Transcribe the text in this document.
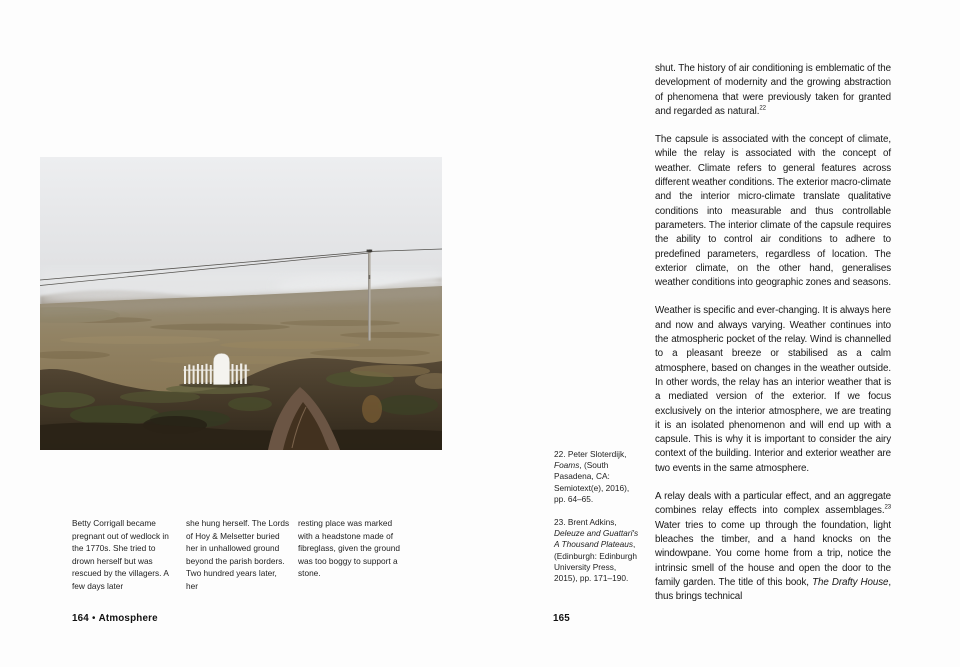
Betty Corrigall became pregnant out of wedlock in the 1770s. She tried to drown herself but was rescued by the villagers. A few days later
she hung herself. The Lords of Hoy & Melsetter buried her in unhallowed ground beyond the parish borders. Two hundred years later, her
resting place was marked with a headstone made of fibreglass, given the ground was too boggy to support a stone.
164 • Atmosphere

22. Peter Sloterdijk, Foams, (South Pasadena, CA: Semiotext(e), 2016), pp. 64–65.

23. Brent Adkins, Deleuze and Guattari's A Thousand Plateaus, (Edinburgh: Edinburgh University Press, 2015), pp. 171–190.

shut. The history of air conditioning is emblematic of the development of modernity and the growing abstraction of phenomena that were previously taken for granted and regarded as natural.$^{22}$

The capsule is associated with the concept of climate, while the relay is associated with the concept of weather. Climate refers to general features across different weather conditions. The exterior macro-climate and the interior micro-climate translate qualitative conditions into measurable and thus controllable parameters. The interior climate of the capsule requires the ability to control air conditions to adhere to predefined parameters, regardless of location. The exterior climate, on the other hand, generalises weather conditions into geographic zones and seasons.

Weather is specific and ever-changing. It is always here and now and always varying. Weather continues into the atmospheric pocket of the relay. Wind is channelled to a pleasant breeze or stabilised as a calm atmosphere, based on changes in the weather outside. In other words, the relay has an interior weather that is a mediated version of the exterior. If we focus exclusively on the interior atmosphere, we are treating it is an isolated phenomenon and will end up with a capsule. This is why it is important to consider the airy context of the building. Interior and exterior weather are two events in the same atmosphere.

A relay deals with a particular effect, and an aggregate combines relay effects into complex assemblages.$^{23}$ Water tries to come up through the foundation, light bleaches the timber, and a hand knocks on the windowpane. You come home from a trip, notice the intrinsic smell of the house and open the door to the family garden. The title of this book, The Drafty House, thus brings technical

165
